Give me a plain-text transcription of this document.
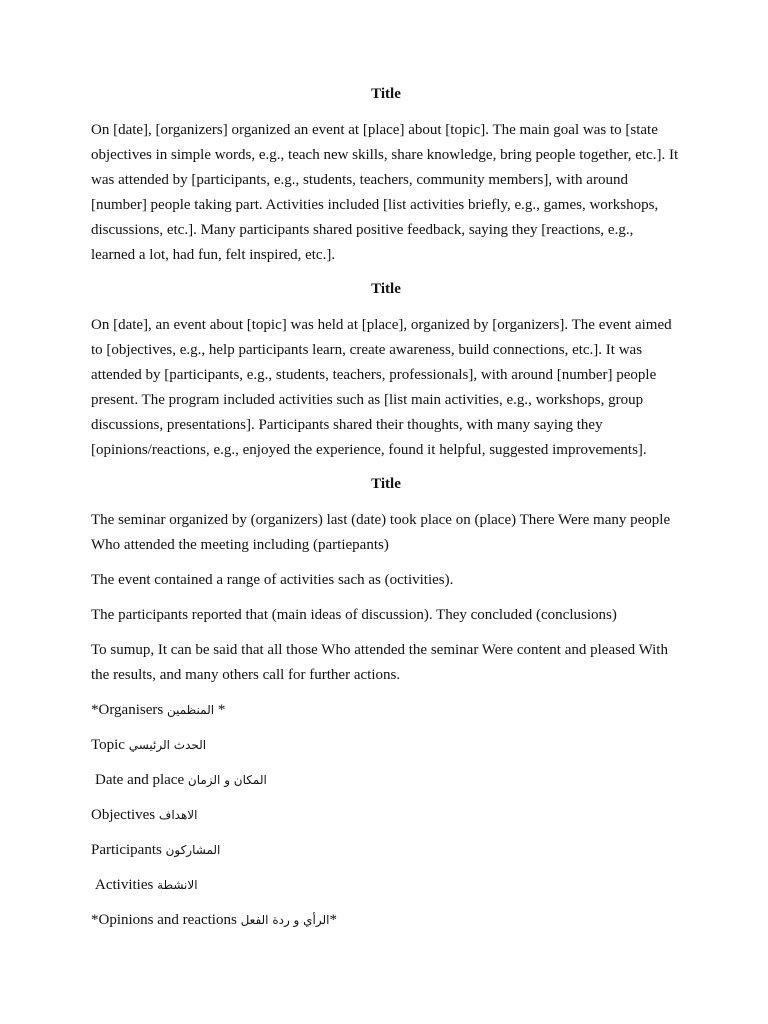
Title

On [date], [organizers] organized an event at [place] about [topic]. The main goal was to [state objectives in simple words, e.g., teach new skills, share knowledge, bring people together, etc.]. It was attended by [participants, e.g., students, teachers, community members], with around [number] people taking part. Activities included [list activities briefly, e.g., games, workshops, discussions, etc.]. Many participants shared positive feedback, saying they [reactions, e.g., learned a lot, had fun, felt inspired, etc.].

Title

On [date], an event about [topic] was held at [place], organized by [organizers]. The event aimed to [objectives, e.g., help participants learn, create awareness, build connections, etc.]. It was attended by [participants, e.g., students, teachers, professionals], with around [number] people present. The program included activities such as [list main activities, e.g., workshops, group discussions, presentations]. Participants shared their thoughts, with many saying they [opinions/reactions, e.g., enjoyed the experience, found it helpful, suggested improvements].

Title

The seminar organized by (organizers) last (date) took place on (place) There Were many people Who attended the meeting including (partiepants)

The event contained a range of activities sach as (octivities).

The participants reported that (main ideas of discussion). They concluded (conclusions)

To sumup, It can be said that all those Who attended the seminar Were content and pleased With the results, and many others call for further actions.

*Organisers المنظمين *
Topic الحدث الرئيسي
Date and place المكان و الزمان
Objectives الاهداف
Participants المشاركون
Activities الانشطة
*Opinions and reactions الرأي و ردة الفعل*
